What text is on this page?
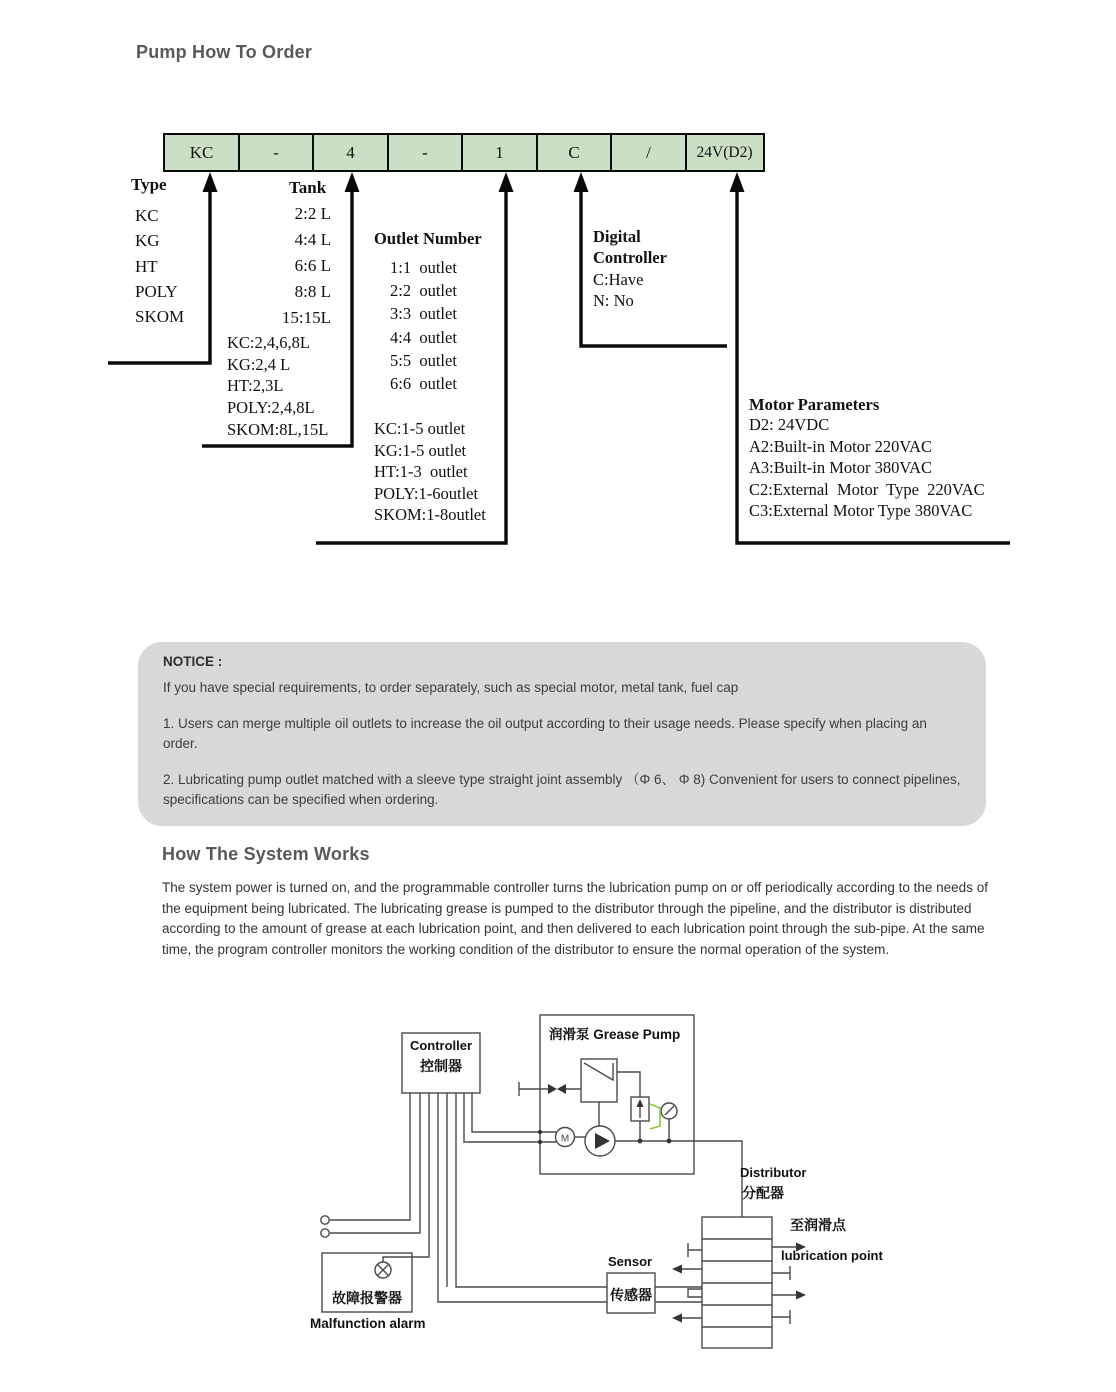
M
Pump How To Order
KC	-	4	-	1	C	/	24V(D2)
Type
KC
KG
HT
POLY
SKOM
Tank
2:2 L
4:4 L
6:6 L
8:8 L
15:15L
KC:2,4,6,8L
KG:2,4 L
HT:2,3L
POLY:2,4,8L
SKOM:8L,15L
Outlet Number
1:1  outlet
2:2  outlet
3:3  outlet
4:4  outlet
5:5  outlet
6:6  outlet
KC:1-5 outlet
KG:1-5 outlet
HT:1-3  outlet
POLY:1-6outlet
SKOM:1-8outlet
Digital
Controller
C:Have
N: No
Motor Parameters
D2: 24VDC
A2:Built-in Motor 220VAC
A3:Built-in Motor 380VAC
C2:External  Motor  Type  220VAC
C3:External Motor Type 380VAC
NOTICE :
If you have special requirements, to order separately, such as special motor, metal tank, fuel cap
1. Users can merge multiple oil outlets to increase the oil output according to their usage needs. Please specify when placing an order.
2. Lubricating pump outlet matched with a sleeve type straight joint assembly （Φ 6、 Φ 8) Convenient for users to connect pipelines, specifications can be specified when ordering.
How The System Works
The system power is turned on, and the programmable controller turns the lubrication pump on or off periodically according to the needs of the equipment being lubricated. The lubricating grease is pumped to the distributor through the pipeline, and the distributor is distributed according to the amount of grease at each lubrication point, and then delivered to each lubrication point through the sub-pipe. At the same time, the program controller monitors the working condition of the distributor to ensure the normal operation of the system.
Controller
控制器
润滑泵 Grease Pump
Distributor
分配器
至润滑点
lubrication point
Sensor
传感器
故障报警器
Malfunction alarm
